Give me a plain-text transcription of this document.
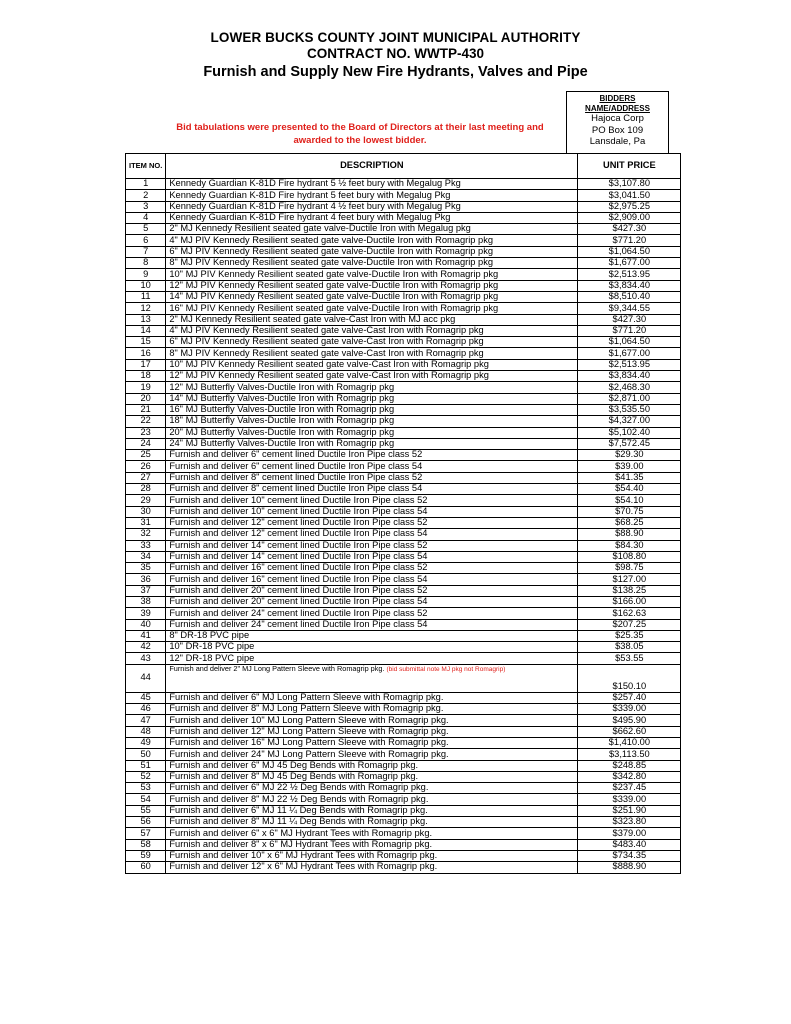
LOWER BUCKS COUNTY JOINT MUNICIPAL AUTHORITY
CONTRACT NO. WWTP-430
Furnish and Supply New Fire Hydrants, Valves and Pipe
Bid tabulations were presented to the Board of Directors at their last meeting and awarded to the lowest bidder.
BIDDERS NAME/ADDRESS
Hajoca Corp
PO Box 109
Lansdale, Pa
ITEM NO.	DESCRIPTION	UNIT PRICE
1	Kennedy Guardian K-81D Fire hydrant 5 ½ feet bury with Megalug Pkg	$3,107.80
2	Kennedy Guardian K-81D Fire hydrant 5 feet bury with Megalug Pkg	$3,041.50
3	Kennedy Guardian K-81D Fire hydrant 4 ½ feet bury with Megalug Pkg	$2,975.25
4	Kennedy Guardian K-81D Fire hydrant 4 feet bury with Megalug Pkg	$2,909.00
5	2" MJ Kennedy Resilient seated gate valve-Ductile Iron with Megalug pkg	$427.30
6	4" MJ PIV Kennedy Resilient seated gate valve-Ductile Iron with Romagrip pkg	$771.20
7	6" MJ PIV Kennedy Resilient seated gate valve-Ductile Iron with Romagrip pkg	$1,064.50
8	8" MJ PIV Kennedy Resilient seated gate valve-Ductile Iron with Romagrip pkg	$1,677.00
9	10" MJ PIV Kennedy Resilient seated gate valve-Ductile Iron with Romagrip pkg	$2,513.95
10	12" MJ PIV Kennedy Resilient seated gate valve-Ductile Iron with Romagrip pkg	$3,834.40
11	14" MJ PIV Kennedy Resilient seated gate valve-Ductile Iron with Romagrip pkg	$8,510.40
12	16" MJ PIV Kennedy Resilient seated gate valve-Ductile Iron with Romagrip pkg	$9,344.55
13	2" MJ Kennedy Resilient seated gate valve-Cast Iron with MJ acc pkg	$427.30
14	4" MJ PIV Kennedy Resilient seated gate valve-Cast Iron with Romagrip pkg	$771.20
15	6" MJ PIV Kennedy Resilient seated gate valve-Cast Iron with Romagrip pkg	$1,064.50
16	8" MJ PIV Kennedy Resilient seated gate valve-Cast Iron with Romagrip pkg	$1,677.00
17	10" MJ PIV Kennedy Resilient seated gate valve-Cast Iron with Romagrip pkg	$2,513.95
18	12" MJ PIV Kennedy Resilient seated gate valve-Cast Iron with Romagrip pkg	$3,834.40
19	12" MJ Butterfly Valves-Ductile Iron with Romagrip pkg	$2,468.30
20	14" MJ Butterfly Valves-Ductile Iron with Romagrip pkg	$2,871.00
21	16" MJ Butterfly Valves-Ductile Iron with Romagrip pkg	$3,535.50
22	18" MJ Butterfly Valves-Ductile Iron with Romagrip pkg	$4,327.00
23	20" MJ Butterfly Valves-Ductile Iron with Romagrip pkg	$5,102.40
24	24" MJ Butterfly Valves-Ductile Iron with Romagrip pkg	$7,572.45
25	Furnish and deliver 6" cement lined Ductile Iron Pipe class 52	$29.30
26	Furnish and deliver 6" cement lined Ductile Iron Pipe class 54	$39.00
27	Furnish and deliver 8" cement lined Ductile Iron Pipe class 52	$41.35
28	Furnish and deliver 8" cement lined Ductile Iron Pipe class 54	$54.40
29	Furnish and deliver 10" cement lined Ductile Iron Pipe class 52	$54.10
30	Furnish and deliver 10" cement lined Ductile Iron Pipe class 54	$70.75
31	Furnish and deliver 12" cement lined Ductile Iron Pipe class 52	$68.25
32	Furnish and deliver 12" cement lined Ductile Iron Pipe class 54	$88.90
33	Furnish and deliver 14" cement lined Ductile Iron Pipe class 52	$84.30
34	Furnish and deliver 14" cement lined Ductile Iron Pipe class 54	$108.80
35	Furnish and deliver 16" cement lined Ductile Iron Pipe class 52	$98.75
36	Furnish and deliver 16" cement lined Ductile Iron Pipe class 54	$127.00
37	Furnish and deliver 20" cement lined Ductile Iron Pipe class 52	$138.25
38	Furnish and deliver 20" cement lined Ductile Iron Pipe class 54	$166.00
39	Furnish and deliver 24" cement lined Ductile Iron Pipe class 52	$162.63
40	Furnish and deliver 24" cement lined Ductile Iron Pipe class 54	$207.25
41	8" DR-18 PVC pipe	$25.35
42	10" DR-18 PVC pipe	$38.05
43	12" DR-18 PVC pipe	$53.55
44	Furnish and deliver 2" MJ Long Pattern Sleeve with Romagrip pkg. (bid submittal note MJ pkg not Romagrip)	$150.10
45	Furnish and deliver 6" MJ Long Pattern Sleeve with Romagrip pkg.	$257.40
46	Furnish and deliver 8" MJ Long Pattern Sleeve with Romagrip pkg.	$339.00
47	Furnish and deliver 10" MJ Long Pattern Sleeve with Romagrip pkg.	$495.90
48	Furnish and deliver 12" MJ Long Pattern Sleeve with Romagrip pkg.	$662.60
49	Furnish and deliver 16" MJ Long Pattern Sleeve with Romagrip pkg.	$1,410.00
50	Furnish and deliver 24" MJ Long Pattern Sleeve with Romagrip pkg.	$3,113.50
51	Furnish and deliver 6" MJ 45 Deg Bends with Romagrip pkg.	$248.85
52	Furnish and deliver 8" MJ 45 Deg Bends with Romagrip pkg.	$342.80
53	Furnish and deliver 6" MJ 22 ½ Deg Bends with Romagrip pkg.	$237.45
54	Furnish and deliver 8" MJ 22 ½ Deg Bends with Romagrip pkg.	$339.00
55	Furnish and deliver 6" MJ 11 ¼ Deg Bends with Romagrip pkg.	$251.90
56	Furnish and deliver 8" MJ 11 ¼ Deg Bends with Romagrip pkg.	$323.80
57	Furnish and deliver 6" x 6" MJ Hydrant Tees with Romagrip pkg.	$379.00
58	Furnish and deliver 8" x 6" MJ Hydrant Tees with Romagrip pkg.	$483.40
59	Furnish and deliver 10" x 6" MJ Hydrant Tees with Romagrip pkg.	$734.35
60	Furnish and deliver 12" x 6" MJ Hydrant Tees with Romagrip pkg.	$888.90
